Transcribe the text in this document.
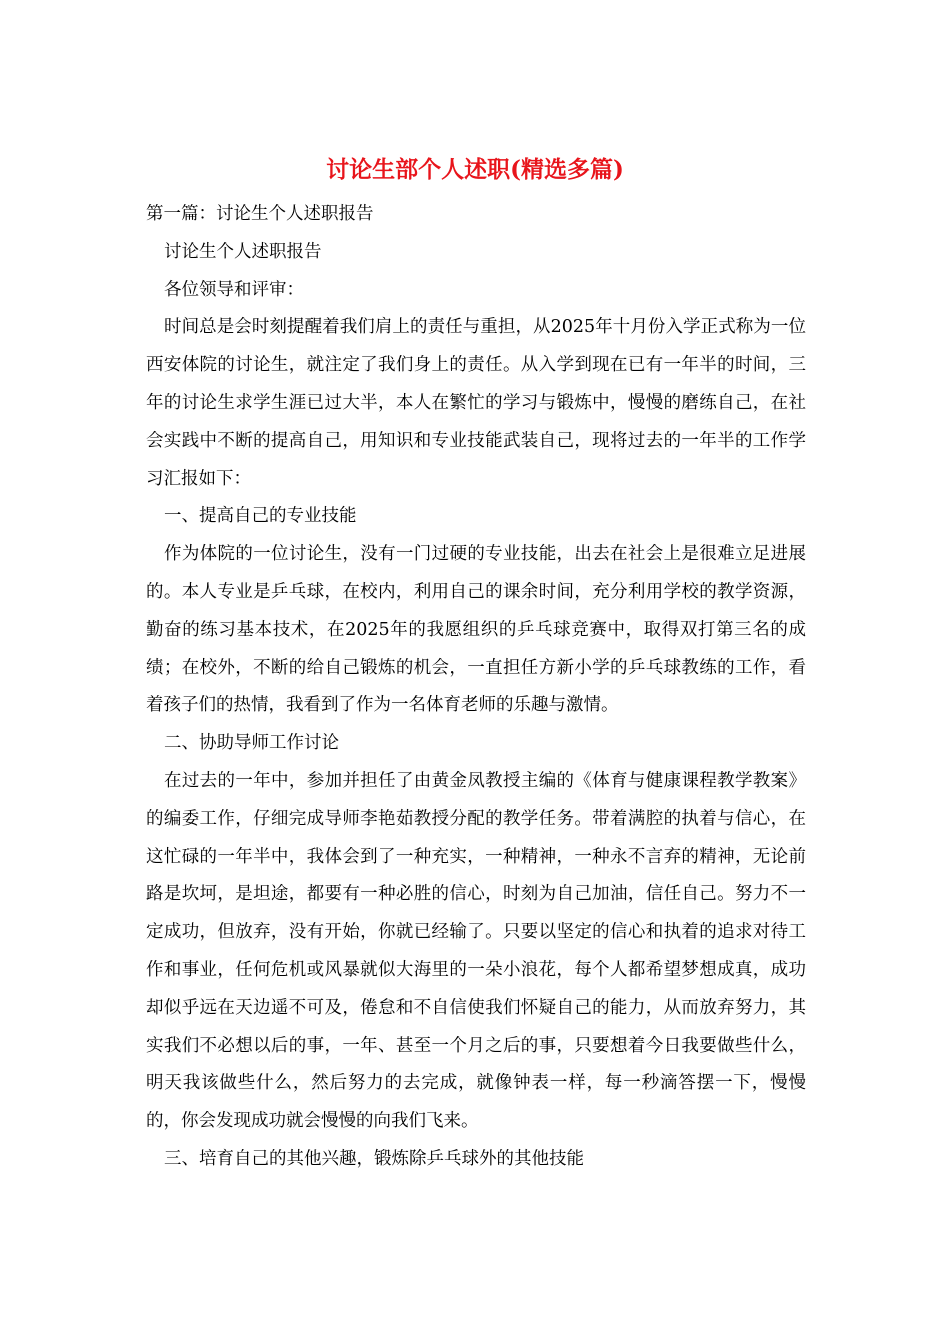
讨论生部个人述职(精选多篇)

第一篇：讨论生个人述职报告

讨论生个人述职报告

各位领导和评审：

时间总是会时刻提醒着我们肩上的责任与重担，从2025年十月份入学正式称为一位西安体院的讨论生，就注定了我们身上的责任。从入学到现在已有一年半的时间，三年的讨论生求学生涯已过大半，本人在繁忙的学习与锻炼中，慢慢的磨练自己，在社会实践中不断的提高自己，用知识和专业技能武装自己，现将过去的一年半的工作学习汇报如下：

一、提高自己的专业技能

作为体院的一位讨论生，没有一门过硬的专业技能，出去在社会上是很难立足进展的。本人专业是乒乓球，在校内，利用自己的课余时间，充分利用学校的教学资源，勤奋的练习基本技术，在2025年的我愿组织的乒乓球竞赛中，取得双打第三名的成绩；在校外，不断的给自己锻炼的机会，一直担任方新小学的乒乓球教练的工作，看着孩子们的热情，我看到了作为一名体育老师的乐趣与激情。

二、协助导师工作讨论

在过去的一年中，参加并担任了由黄金凤教授主编的《体育与健康课程教学教案》的编委工作，仔细完成导师李艳茹教授分配的教学任务。带着满腔的执着与信心，在这忙碌的一年半中，我体会到了一种充实，一种精神，一种永不言弃的精神，无论前路是坎坷，是坦途，都要有一种必胜的信心，时刻为自己加油，信任自己。努力不一定成功，但放弃，没有开始，你就已经输了。只要以坚定的信心和执着的追求对待工作和事业，任何危机或风暴就似大海里的一朵小浪花，每个人都希望梦想成真，成功却似乎远在天边遥不可及，倦怠和不自信使我们怀疑自己的能力，从而放弃努力，其实我们不必想以后的事，一年、甚至一个月之后的事，只要想着今日我要做些什么，明天我该做些什么，然后努力的去完成，就像钟表一样，每一秒滴答摆一下，慢慢的，你会发现成功就会慢慢的向我们飞来。

三、培育自己的其他兴趣，锻炼除乒乓球外的其他技能
